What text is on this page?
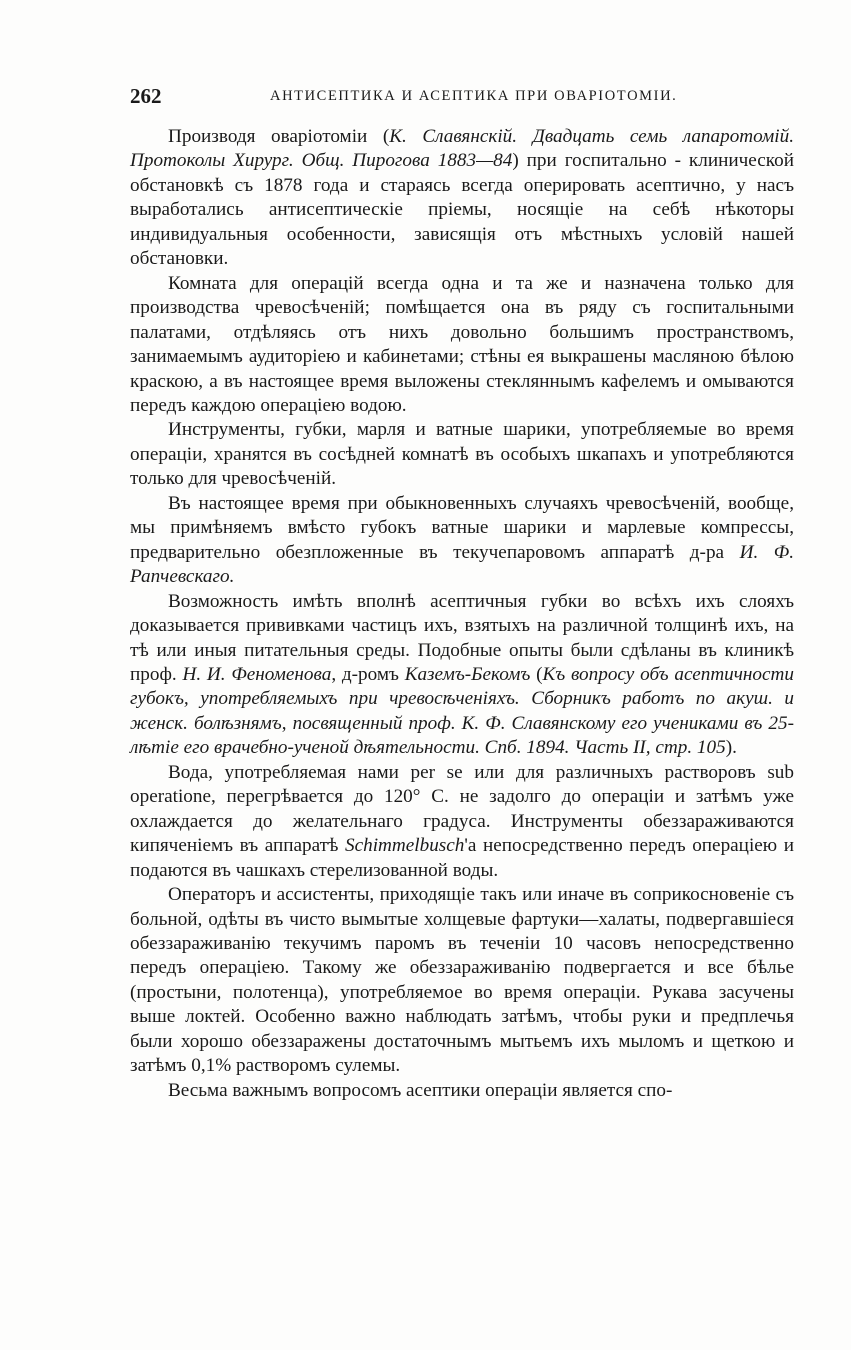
262	АНТИСЕПТИКА И АСЕПТИКА ПРИ ОВАРІОТОМІИ.

Производя оваріотоміи (К. Славянскій. Двадцать семь лапаротомій. Протоколы Хирург. Общ. Пирогова 1883—84) при госпитально - клинической обстановкѣ съ 1878 года и стараясь всегда оперировать асептично, у насъ выработались антисептическіе пріемы, носящіе на себѣ нѣкоторы индивидуальныя особенности, зависящія отъ мѣстныхъ условій нашей обстановки.

Комната для операцій всегда одна и та же и назначена только для производства чревосѣченій; помѣщается она въ ряду съ госпитальными палатами, отдѣляясь отъ нихъ довольно большимъ пространствомъ, занимаемымъ аудиторіею и кабинетами; стѣны ея выкрашены масляною бѣлою краскою, а въ настоящее время выложены стекляннымъ кафелемъ и омываются передъ каждою операціею водою.

Инструменты, губки, марля и ватные шарики, употребляемые во время операціи, хранятся въ сосѣдней комнатѣ въ особыхъ шкапахъ и употребляются только для чревосѣченій.

Въ настоящее время при обыкновенныхъ случаяхъ чревосѣченій, вообще, мы примѣняемъ вмѣсто губокъ ватные шарики и марлевые компрессы, предварительно обезпложенные въ текучепаровомъ аппаратѣ д-ра И. Ф. Рапчевскаго.

Возможность имѣть вполнѣ асептичныя губки во всѣхъ ихъ слояхъ доказывается прививками частицъ ихъ, взятыхъ на различной толщинѣ ихъ, на тѣ или иныя питательныя среды. Подобные опыты были сдѣланы въ клиникѣ проф. Н. И. Феноменова, д-ромъ Каземъ-Бекомъ (Къ вопросу объ асептичности губокъ, употребляемыхъ при чревосѣченіяхъ. Сборникъ работъ по акуш. и женск. болѣзнямъ, посвященный проф. К. Ф. Славянскому его учениками въ 25-лѣтіе его врачебно-ученой дѣятельности. Спб. 1894. Часть II, стр. 105).

Вода, употребляемая нами per se или для различныхъ растворовъ sub operatione, перегрѣвается до 120° С. не задолго до операціи и затѣмъ уже охлаждается до желательнаго градуса. Инструменты обеззараживаются кипяченіемъ въ аппаратѣ Schimmelbusch'а непосредственно передъ операціею и подаются въ чашкахъ стерелизованной воды.

Операторъ и ассистенты, приходящіе такъ или иначе въ соприкосновеніе съ больной, одѣты въ чисто вымытые холщевые фартуки—халаты, подвергавшіеся обеззараживанію текучимъ паромъ въ теченіи 10 часовъ непосредственно передъ операціею. Такому же обеззараживанію подвергается и все бѣлье (простыни, полотенца), употребляемое во время операціи. Рукава засучены выше локтей. Особенно важно наблюдать затѣмъ, чтобы руки и предплечья были хорошо обеззаражены достаточнымъ мытьемъ ихъ мыломъ и щеткою и затѣмъ 0,1% растворомъ сулемы.

Весьма важнымъ вопросомъ асептики операціи является спо-
